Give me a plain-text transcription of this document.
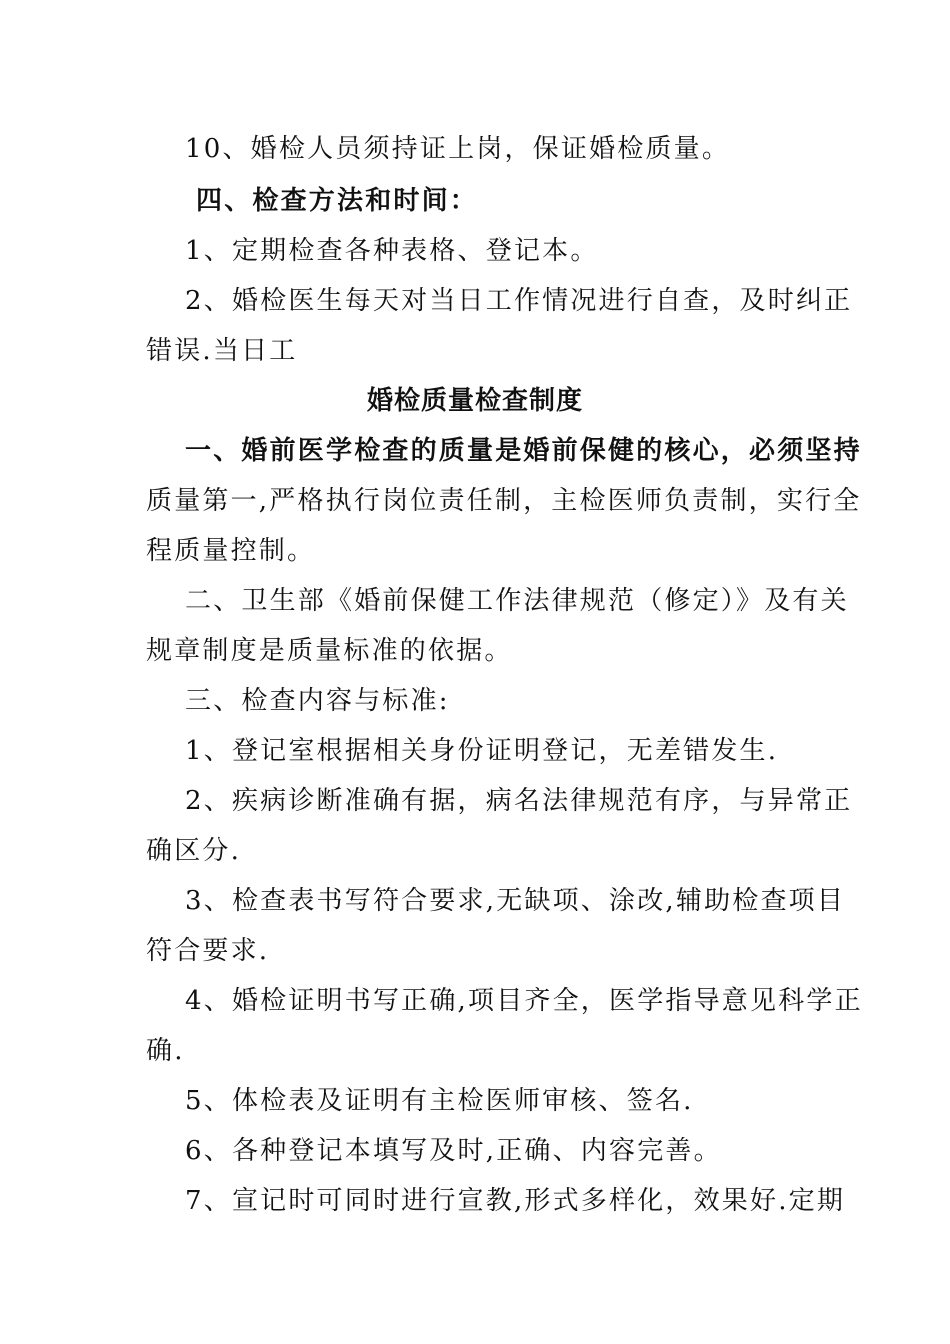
10、婚检人员须持证上岗，保证婚检质量。
四、检查方法和时间：
1、定期检查各种表格、登记本。
2、婚检医生每天对当日工作情况进行自查，及时纠正
错误.当日工
婚检质量检查制度
一、婚前医学检查的质量是婚前保健的核心，必须坚持
质量第一,严格执行岗位责任制，主检医师负责制，实行全
程质量控制。
二、卫生部《婚前保健工作法律规范（修定）》及有关
规章制度是质量标准的依据。
三、检查内容与标准:
1、登记室根据相关身份证明登记，无差错发生.
2、疾病诊断准确有据，病名法律规范有序，与异常正
确区分.
3、检查表书写符合要求,无缺项、涂改,辅助检查项目
符合要求.
4、婚检证明书写正确,项目齐全，医学指导意见科学正
确.
5、体检表及证明有主检医师审核、签名.
6、各种登记本填写及时,正确、内容完善。
7、宣记时可同时进行宣教,形式多样化，效果好.定期
